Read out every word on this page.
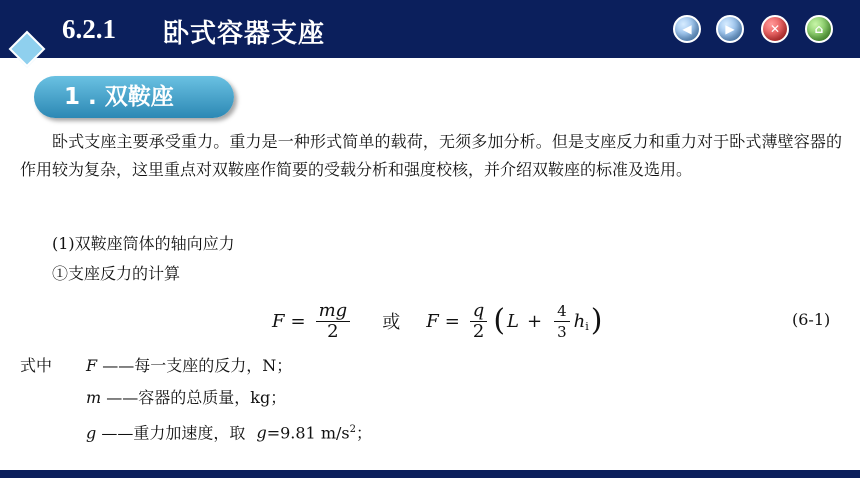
6.2.1 卧式容器支座	◀	▶	✕	⌂
1 . 双鞍座

卧式支座主要承受重力。重力是一种形式简单的载荷，无须多加分析。但是支座反力和重力对于卧式薄壁容器的作用较为复杂，这里重点对双鞍座作简要的受载分析和强度校核，并介绍双鞍座的标准及选用。

(1)双鞍座筒体的轴向应力
①支座反力的计算
$F = \frac{mg}{2}$ 或 $F = \frac{q}{2}$ ( $L + \frac{4}{3}$ h i )	(6-1)
式中 F ——每一支座的反力，N；
m ——容器的总质量，kg；
g ——重力加速度，取 g=9.81 $m/s^2$；
